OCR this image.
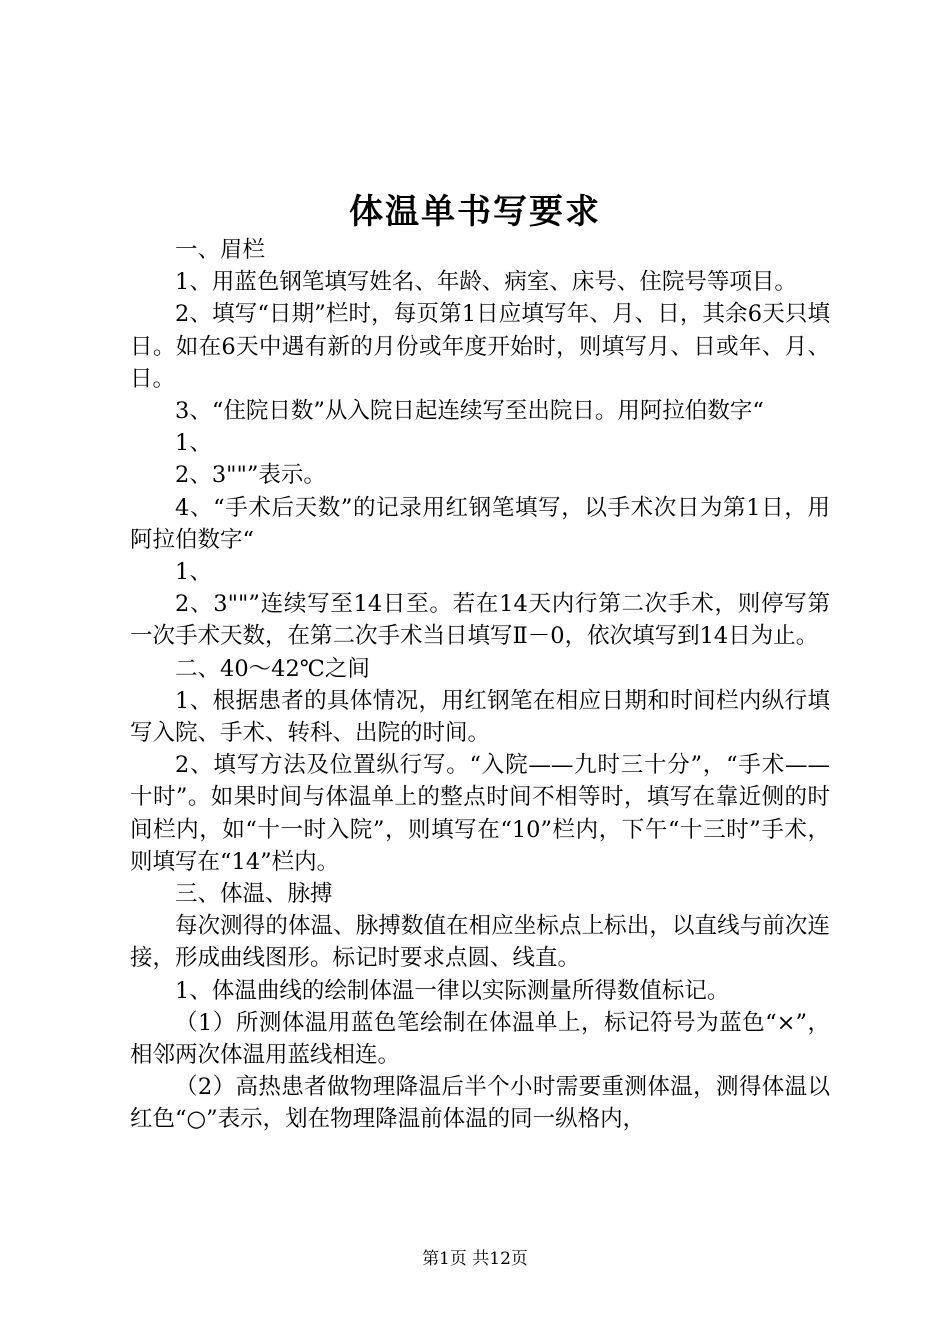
体温单书写要求

一、眉栏

1、用蓝色钢笔填写姓名、年龄、病室、床号、住院号等项目。

2、填写“日期”栏时，每页第1日应填写年、月、日，其余6天只填日。如在6天中遇有新的月份或年度开始时，则填写月、日或年、月、日。

3、“住院日数”从入院日起连续写至出院日。用阿拉伯数字“

1、

2、3""”表示。

4、“手术后天数”的记录用红钢笔填写，以手术次日为第1日，用阿拉伯数字“

1、

2、3""”连续写至14日至。若在14天内行第二次手术，则停写第一次手术天数，在第二次手术当日填写Ⅱ－0，依次填写到14日为止。

二、40～42℃之间

1、根据患者的具体情况，用红钢笔在相应日期和时间栏内纵行填写入院、手术、转科、出院的时间。

2、填写方法及位置纵行写。“入院——九时三十分”，“手术——十时”。如果时间与体温单上的整点时间不相等时，填写在靠近侧的时间栏内，如“十一时入院”，则填写在“10”栏内，下午“十三时”手术，则填写在“14”栏内。

三、体温、脉搏

每次测得的体温、脉搏数值在相应坐标点上标出，以直线与前次连接，形成曲线图形。标记时要求点圆、线直。

1、体温曲线的绘制体温一律以实际测量所得数值标记。

（1）所测体温用蓝色笔绘制在体温单上，标记符号为蓝色“×”，相邻两次体温用蓝线相连。

（2）高热患者做物理降温后半个小时需要重测体温，测得体温以红色“○”表示，划在物理降温前体温的同一纵格内，

第1页 共12页
